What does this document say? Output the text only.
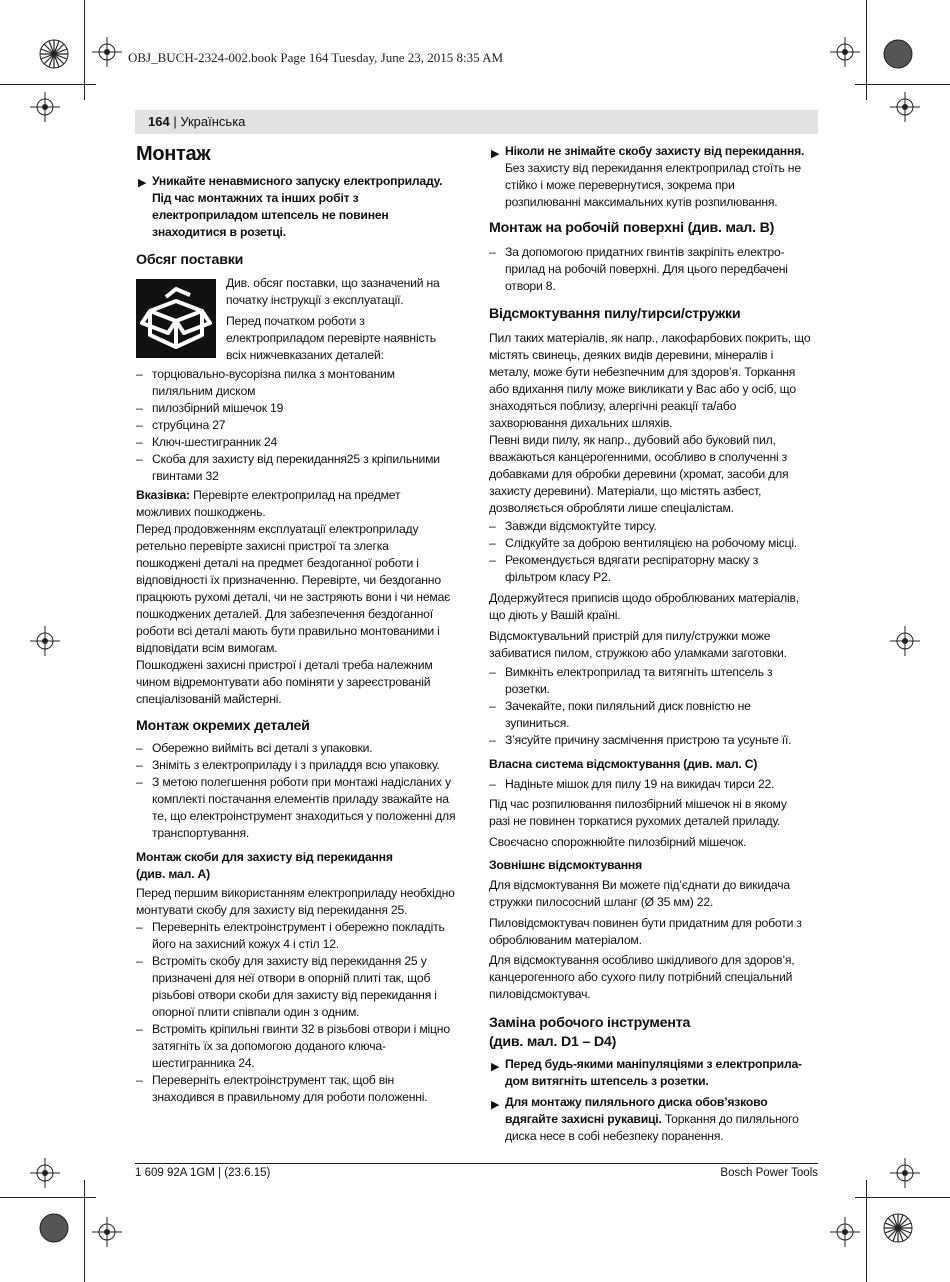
OBJ_BUCH-2324-002.book Page 164 Tuesday, June 23, 2015 8:35 AM
164 | Українська
Монтаж
▶ Уникайте ненавмисного запуску електроприладу.
Під час монтажних та інших робіт з
електроприладом штепсель не повинен
знаходитися в розетці.
Обсяг поставки
Див. обсяг поставки, що зазначений на
початку інструкції з експлуатації.
Перед початком роботи з
електроприладом перевірте наявність
всіх нижчевказаних деталей:
– торцювально-вусорізна пилка з монтованим
пиляльним диском
– пилозбірний мішечок 19
– струбцина 27
– Ключ-шестигранник 24
– Скоба для захисту від перекидання25 з кріпильними
гвинтами 32
Вказівка: Перевірте електроприлад на предмет
можливих пошкоджень.
Перед продовженням експлуатації електроприладу
ретельно перевірте захисні пристрої та злегка
пошкоджені деталі на предмет бездоганної роботи і
відповідності їх призначенню. Перевірте, чи бездоганно
працюють рухомі деталі, чи не застряють вони і чи немає
пошкоджених деталей. Для забезпечення бездоганної
роботи всі деталі мають бути правильно монтованими і
відповідати всім вимогам.
Пошкоджені захисні пристрої і деталі треба належним
чином відремонтувати або поміняти у зареєстрованій
спеціалізованій майстерні.
Монтаж окремих деталей
– Обережно вийміть всі деталі з упаковки.
– Зніміть з електроприладу і з приладдя всю упаковку.
– З метою полегшення роботи при монтажі надісланих у
комплекті постачання елементів приладу зважайте на
те, що електроінструмент знаходиться у положенні для
транспортування.
Монтаж скоби для захисту від перекидання
(див. мал. A)
Перед першим використанням електроприладу необхідно
монтувати скобу для захисту від перекидання 25.
– Переверніть електроінструмент і обережно покладіть
його на захисний кожух 4 і стіл 12.
– Встроміть скобу для захисту від перекидання 25 у
призначені для неї отвори в опорній плиті так, щоб
різьбові отвори скоби для захисту від перекидання і
опорної плити співпали один з одним.
– Встроміть кріпильні гвинти 32 в різьбові отвори і міцно
затягніть їх за допомогою доданого ключа-
шестигранника 24.
– Переверніть електроінструмент так, щоб він
знаходився в правильному для роботи положенні.
▶ Ніколи не знімайте скобу захисту від перекидання.
Без захисту від перекидання електроприлад стоїть не
стійко і може перевернутися, зокрема при
розпилюванні максимальних кутів розпилювання.
Монтаж на робочій поверхні (див. мал. B)
– За допомогою придатних гвинтів закріпіть електро-
прилад на робочій поверхні. Для цього передбачені
отвори 8.
Відсмоктування пилу/тирси/стружки
Пил таких матеріалів, як напр., лакофарбових покрить, що
містять свинець, деяких видів деревини, мінералів і
металу, може бути небезпечним для здоров’я. Торкання
або вдихання пилу може викликати у Вас або у осіб, що
знаходяться поблизу, алергічні реакції та/або
захворювання дихальних шляхів.
Певні види пилу, як напр., дубовий або буковий пил,
вважаються канцерогенними, особливо в сполученні з
добавками для обробки деревини (хромат, засоби для
захисту деревини). Матеріали, що містять азбест,
дозволяється обробляти лише спеціалістам.
– Завжди відсмоктуйте тирсу.
– Слідкуйте за доброю вентиляцією на робочому місці.
– Рекомендується вдягати респіраторну маску з
фільтром класу P2.
Додержуйтеся приписів щодо оброблюваних матеріалів,
що діють у Вашій країні.
Відсмоктувальний пристрій для пилу/стружки може
забиватися пилом, стружкою або уламками заготовки.
– Вимкніть електроприлад та витягніть штепсель з
розетки.
– Зачекайте, поки пиляльний диск повністю не
зупиниться.
– З’ясуйте причину засмічення пристрою та усуньте її.
Власна система відсмоктування (див. мал. C)
– Надіньте мішок для пилу 19 на викидач тирси 22.
Під час розпилювання пилозбірний мішечок ні в якому
разі не повинен торкатися рухомих деталей приладу.
Своєчасно спорожнюйте пилозбірний мішечок.
Зовнішнє відсмоктування
Для відсмоктування Ви можете під’єднати до викидача
стружки пилососний шланг (Ø 35 мм) 22.
Пиловідсмоктувач повинен бути придатним для роботи з
оброблюваним матеріалом.
Для відсмоктування особливо шкідливого для здоров’я,
канцерогенного або сухого пилу потрібний спеціальний
пиловідсмоктувач.
Заміна робочого інструмента
(див. мал. D1 – D4)
▶ Перед будь-якими маніпуляціями з електроприла-
дом витягніть штепсель з розетки.
▶ Для монтажу пиляльного диска обов’язково
вдягайте захисні рукавиці. Торкання до пиляльного
диска несе в собі небезпеку поранення.
1 609 92A 1GM | (23.6.15)	Bosch Power Tools
